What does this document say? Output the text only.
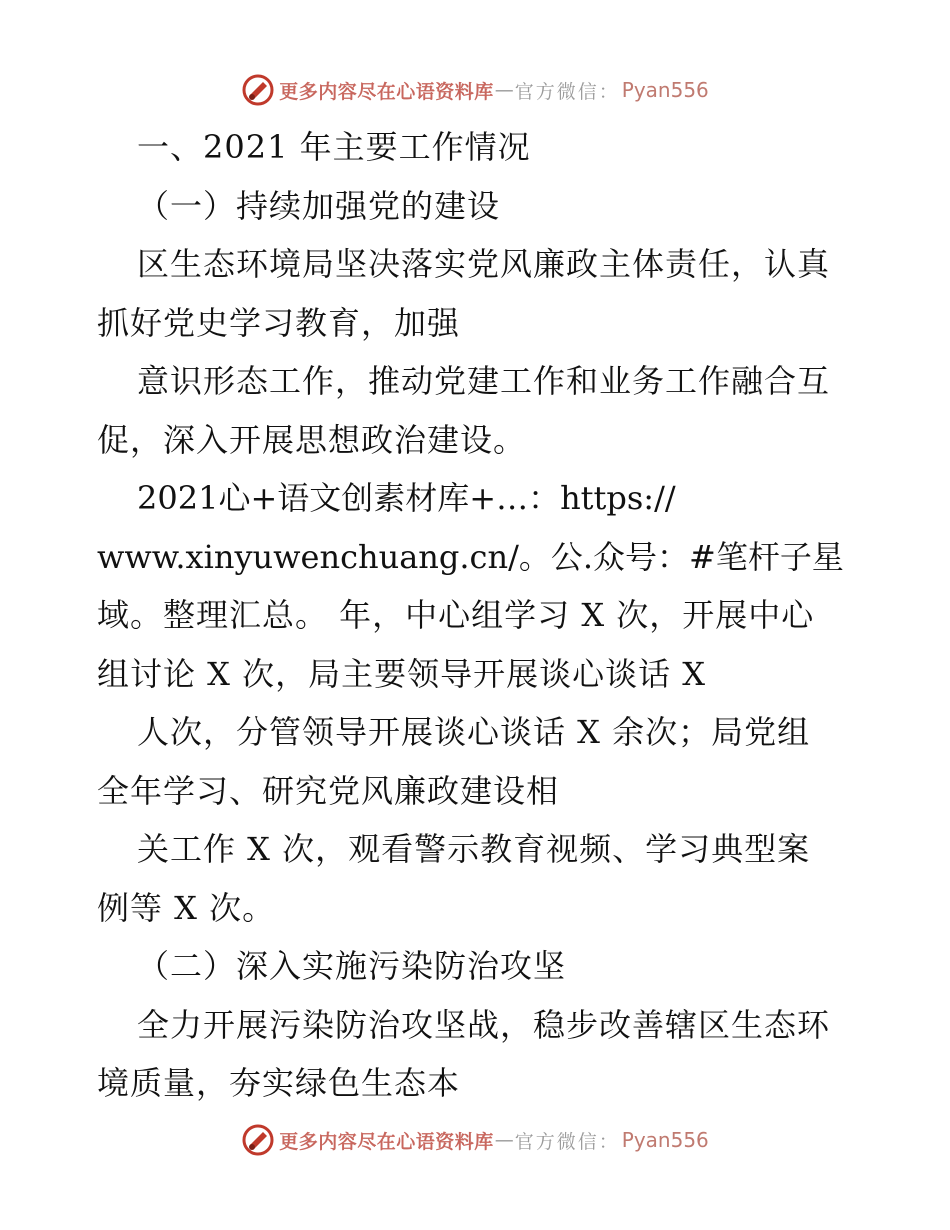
更多内容尽在心语资料库 — 官方微信 ： Pyan556
一、2021 年主要工作情况
（一）持续加强党的建设
区生态环境局坚决落实党风廉政主体责任，认真
抓好党史学习教育，加强
意识形态工作，推动党建工作和业务工作融合互
促，深入开展思想政治建设。
2021心+语文创素材库+…：https://
www.xinyuwenchuang.cn/。公.众号：#笔杆子星
域。整理汇总。 年，中心组学习 X 次，开展中心
组讨论 X 次，局主要领导开展谈心谈话 X
人次，分管领导开展谈心谈话 X 余次；局党组
全年学习、研究党风廉政建设相
关工作 X 次，观看警示教育视频、学习典型案
例等 X 次。
（二）深入实施污染防治攻坚
全力开展污染防治攻坚战，稳步改善辖区生态环
境质量，夯实绿色生态本
更多内容尽在心语资料库 — 官方微信 ： Pyan556
